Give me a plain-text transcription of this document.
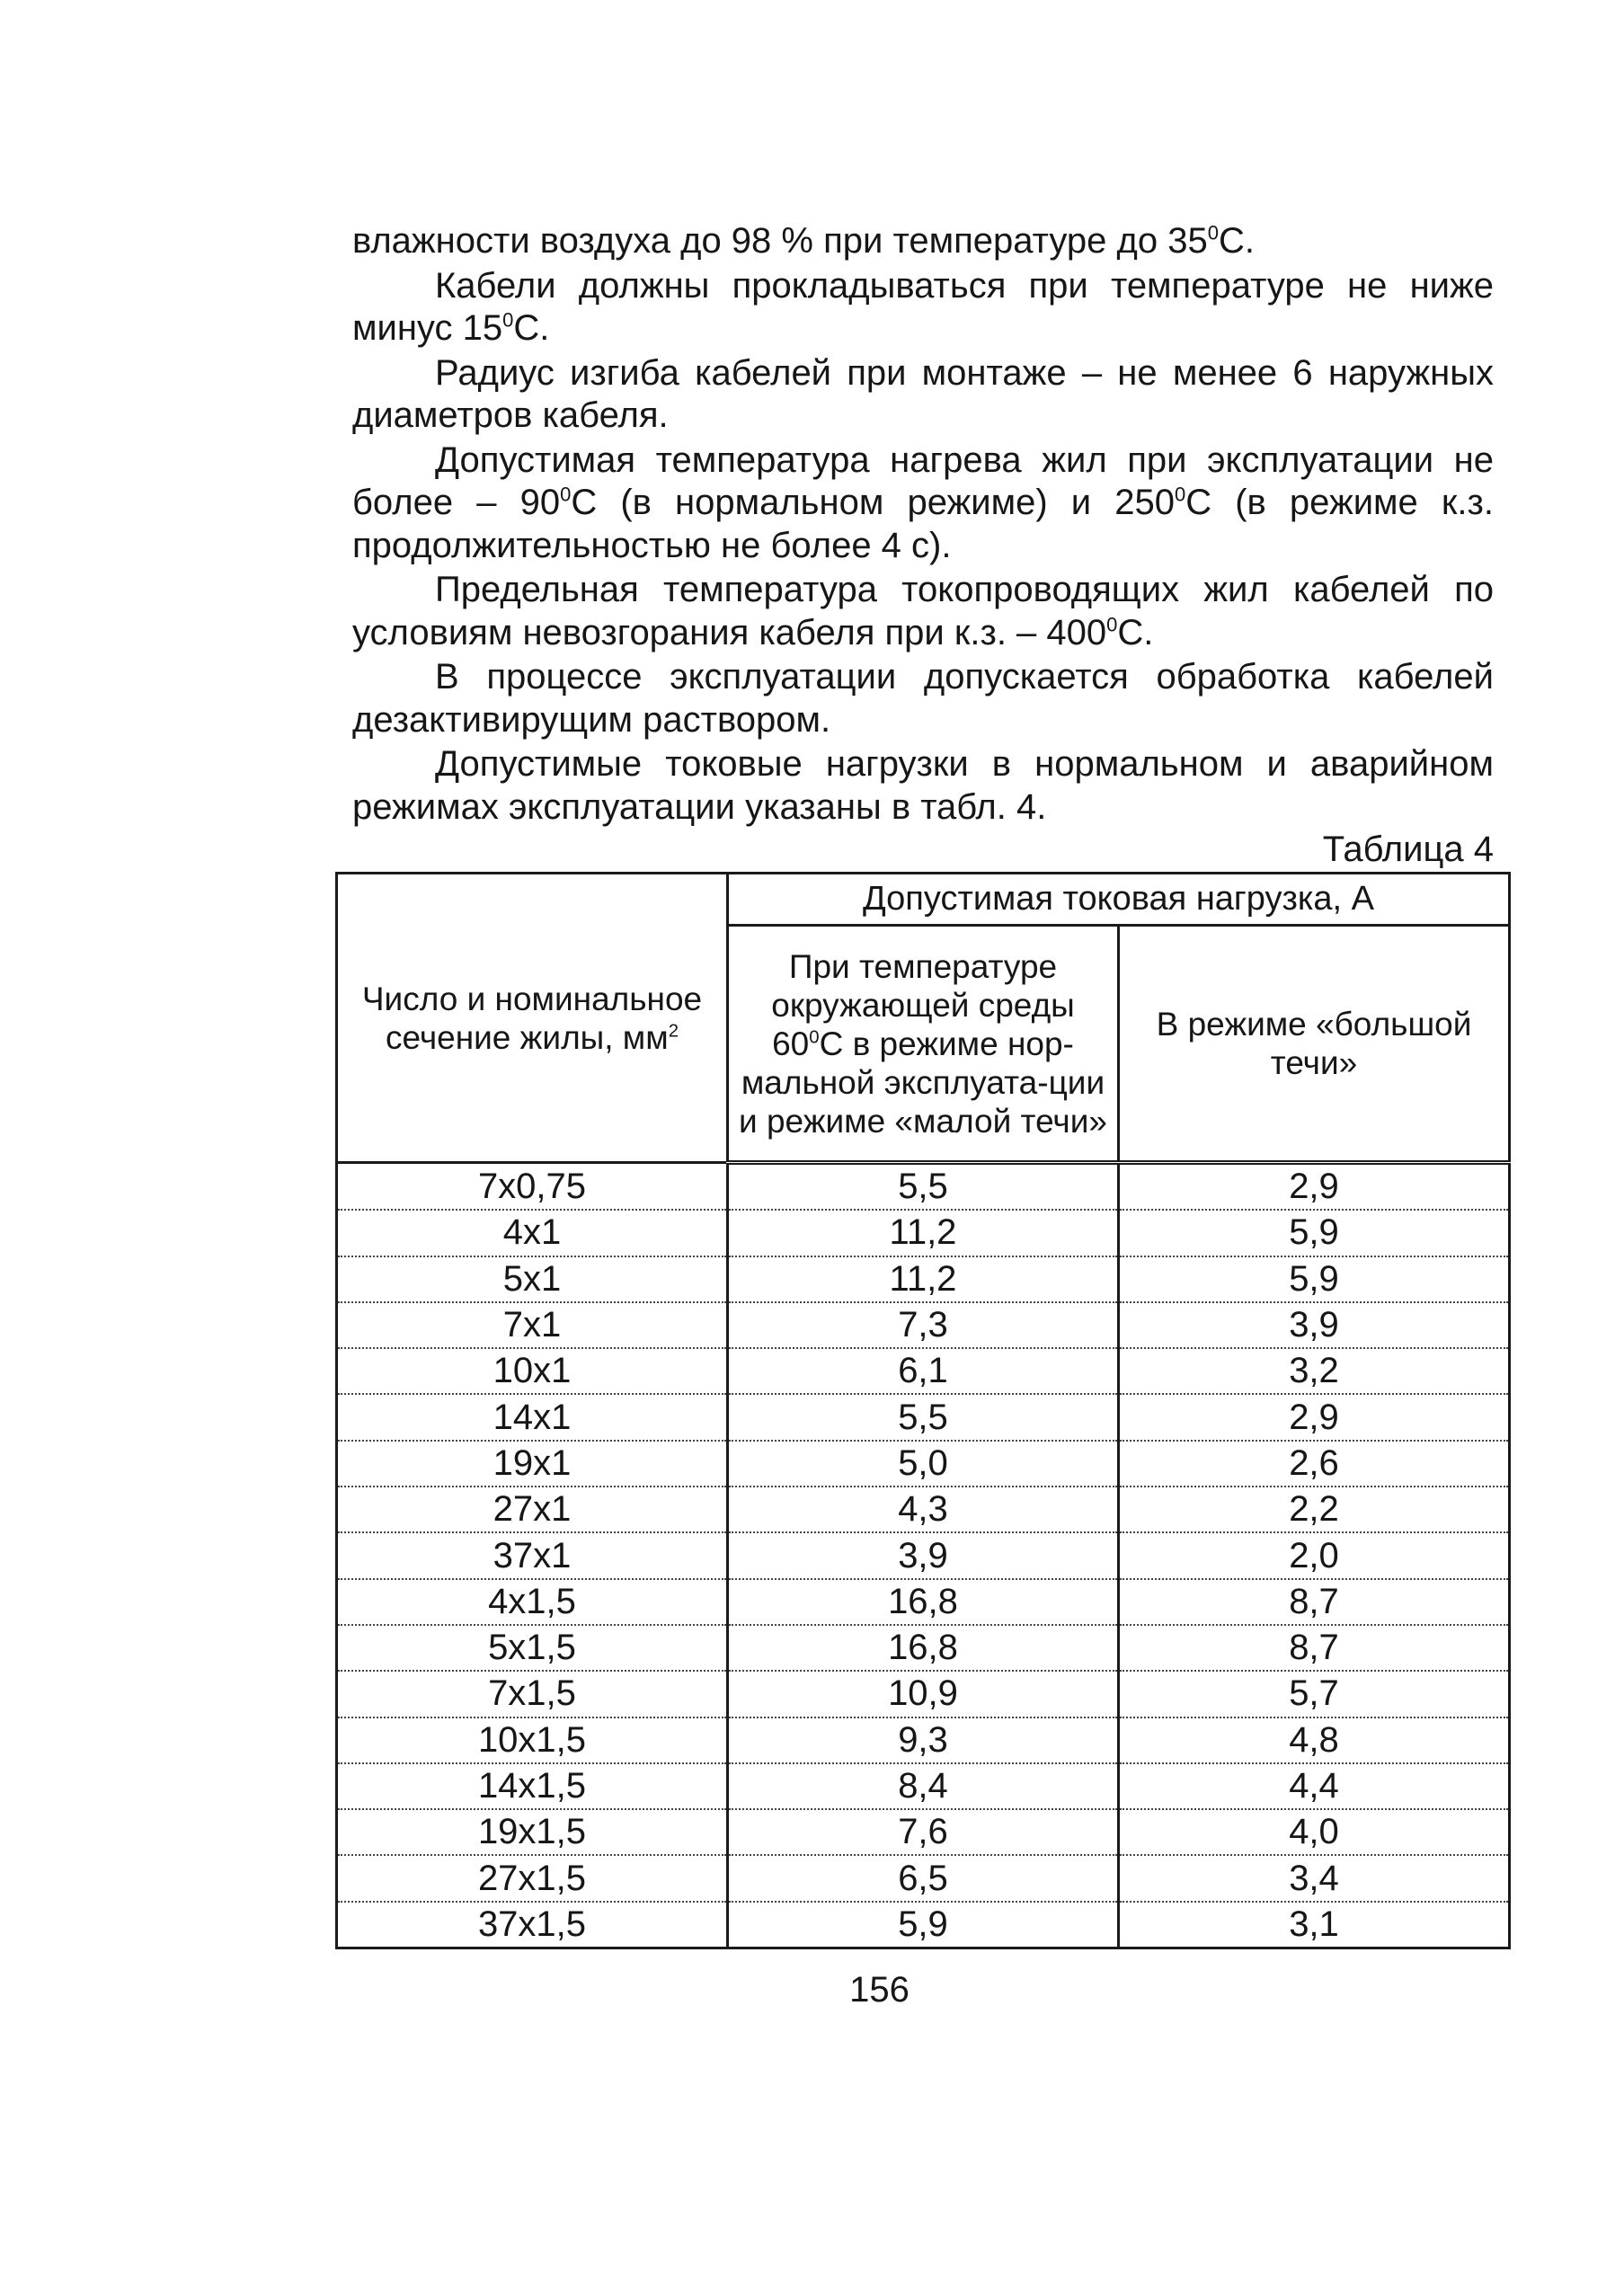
влажности воздуха до 98 % при температуре до $35^0С$.

Кабели должны прокладываться при температуре не ниже минус $15^0С$.

Радиус изгиба кабелей при монтаже – не менее 6 наружных диаметров кабеля.

Допустимая температура нагрева жил при эксплуатации не более – $90^0С$ (в нормальном режиме) и $250^0С$ (в режиме к.з. продолжительностью не более 4 с).

Предельная температура токопроводящих жил кабелей по условиям невозгорания кабеля при к.з. – $400^0С$.

В процессе эксплуатации допускается обработка кабелей дезактивирущим раствором.

Допустимые токовые нагрузки в нормальном и аварийном режимах эксплуатации указаны в табл. 4.

Таблица 4
Число и номинальное сечение жилы, $мм^2$	Допустимая токовая нагрузка, А	
	При температуре окружающей среды $60^0С$ в режиме нор-мальной эксплуата-ции и режиме «малой течи»	В режиме «большой течи»
7х0,75	5,5	2,9
4х1	11,2	5,9
5х1	11,2	5,9
7х1	7,3	3,9
10х1	6,1	3,2
14х1	5,5	2,9
19х1	5,0	2,6
27х1	4,3	2,2
37х1	3,9	2,0
4х1,5	16,8	8,7
5х1,5	16,8	8,7
7х1,5	10,9	5,7
10х1,5	9,3	4,8
14х1,5	8,4	4,4
19х1,5	7,6	4,0
27х1,5	6,5	3,4
37х1,5	5,9	3,1
156
